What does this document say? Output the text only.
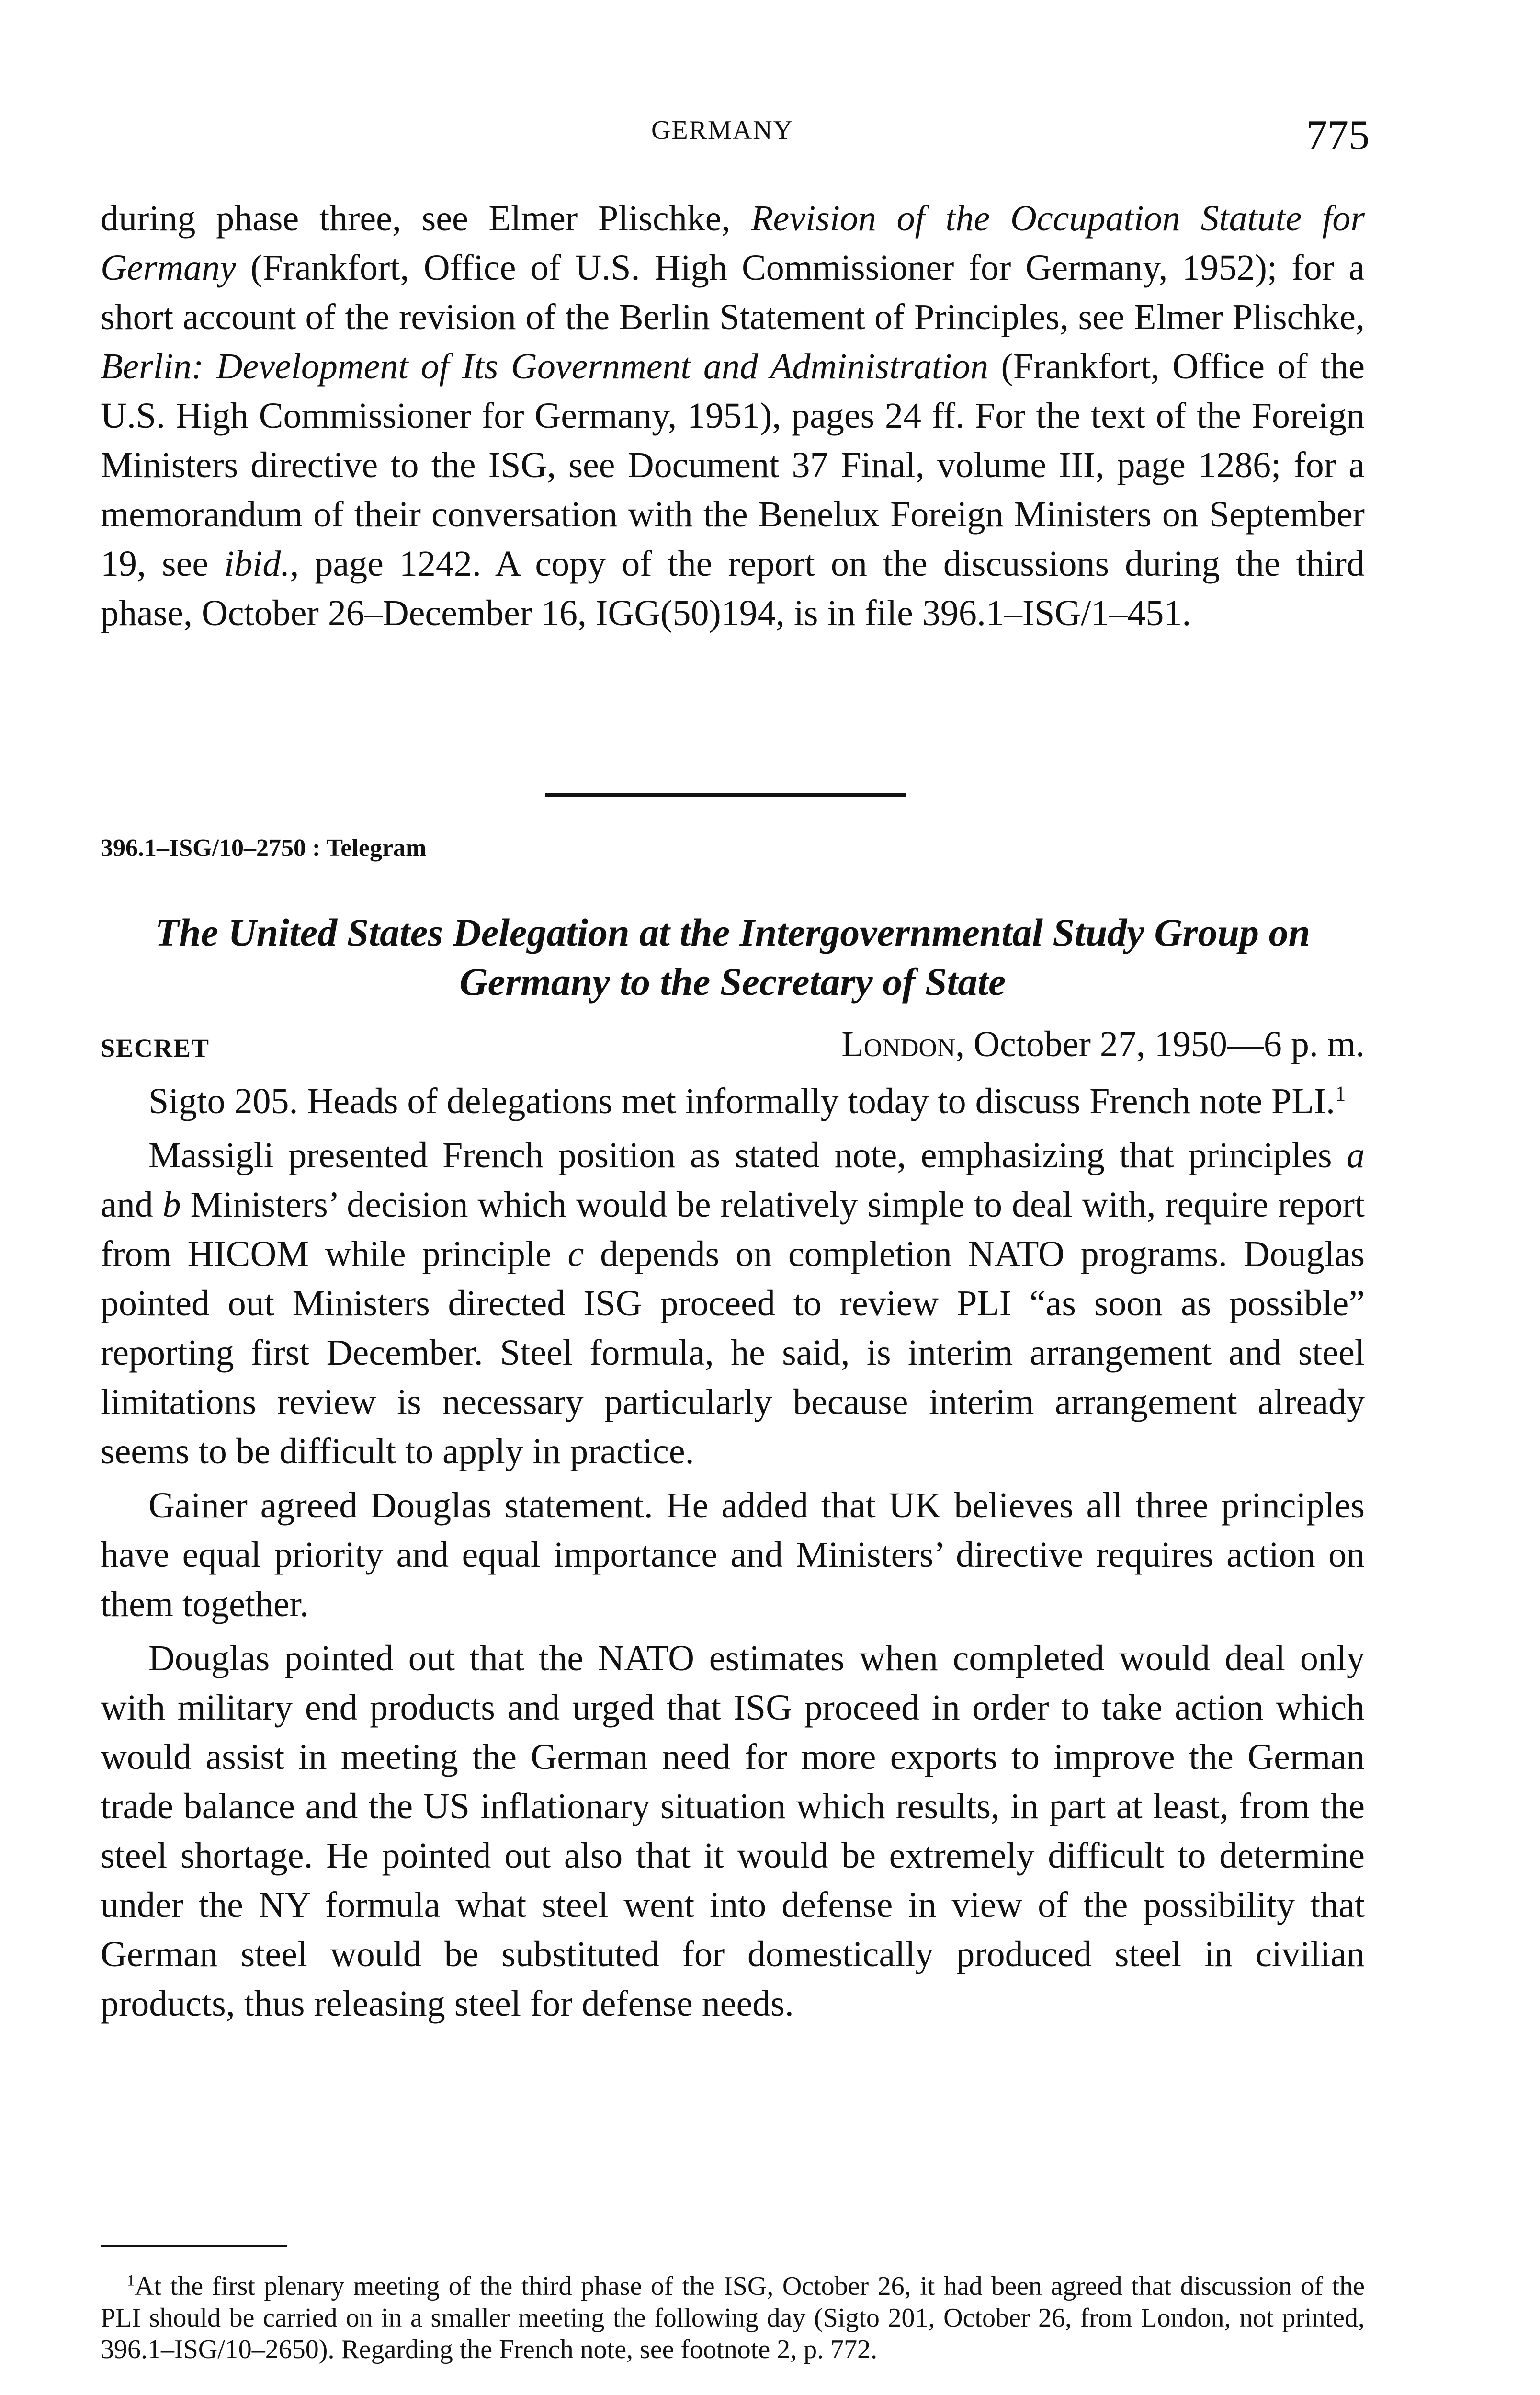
GERMANY	775

during phase three, see Elmer Plischke, Revision of the Occupation Statute for Germany (Frankfort, Office of U.S. High Commissioner for Germany, 1952); for a short account of the revision of the Berlin Statement of Principles, see Elmer Plischke, Berlin: Development of Its Government and Administration (Frankfort, Office of the U.S. High Commissioner for Germany, 1951), pages 24 ff. For the text of the Foreign Ministers directive to the ISG, see Document 37 Final, volume III, page 1286; for a memorandum of their conversation with the Benelux Foreign Ministers on September 19, see ibid., page 1242. A copy of the report on the discussions during the third phase, October 26–December 16, IGG(50)194, is in file 396.1–ISG/1–451.

396.1–ISG/10–2750 : Telegram
The United States Delegation at the Intergovernmental Study Group on Germany to the Secretary of State
SECRET	London, October 27, 1950—6 p. m.

Sigto 205. Heads of delegations met informally today to discuss French note PLI.$^1$

Massigli presented French position as stated note, emphasizing that principles a and b Ministers’ decision which would be relatively simple to deal with, require report from HICOM while principle c depends on completion NATO programs. Douglas pointed out Ministers directed ISG proceed to review PLI “as soon as possible” reporting first December. Steel formula, he said, is interim arrangement and steel limitations review is necessary particularly because interim arrangement already seems to be difficult to apply in practice.

Gainer agreed Douglas statement. He added that UK believes all three principles have equal priority and equal importance and Ministers’ directive requires action on them together.

Douglas pointed out that the NATO estimates when completed would deal only with military end products and urged that ISG proceed in order to take action which would assist in meeting the German need for more exports to improve the German trade balance and the US inflationary situation which results, in part at least, from the steel shortage. He pointed out also that it would be extremely difficult to determine under the NY formula what steel went into defense in view of the possibility that German steel would be substituted for domestically produced steel in civilian products, thus releasing steel for defense needs.

$^1$At the first plenary meeting of the third phase of the ISG, October 26, it had been agreed that discussion of the PLI should be carried on in a smaller meeting the following day (Sigto 201, October 26, from London, not printed, 396.1–ISG/10–2650). Regarding the French note, see footnote 2, p. 772.
